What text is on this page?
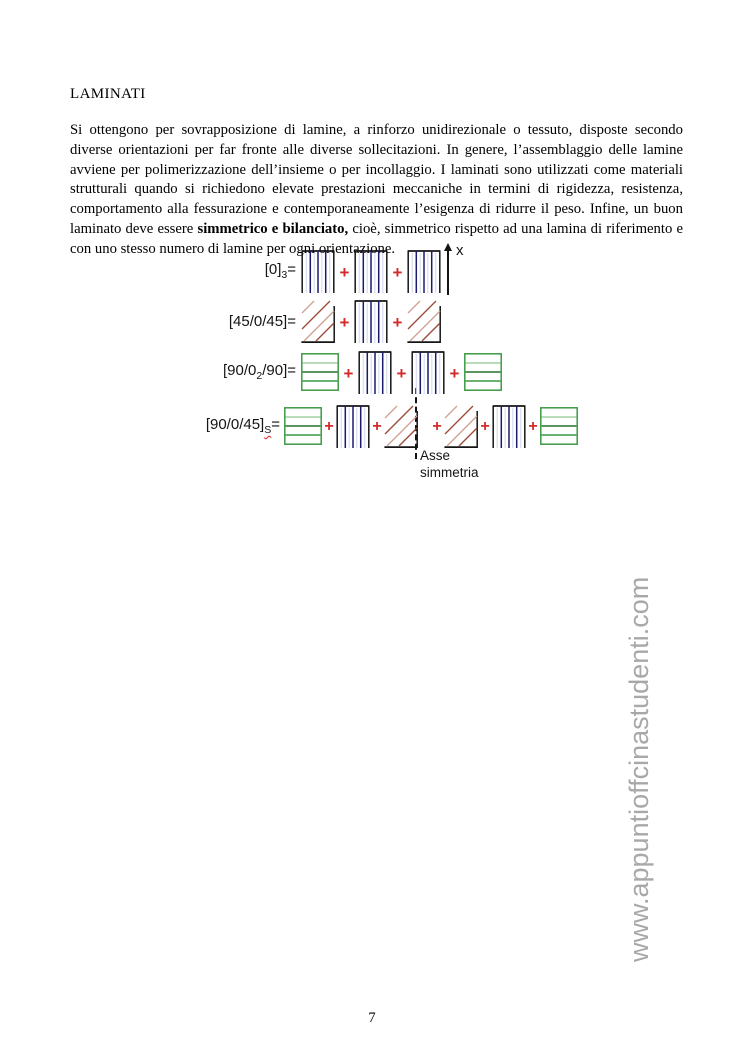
LAMINATI

Si ottengono per sovrapposizione di lamine, a rinforzo unidirezionale o tessuto, disposte secondo diverse orientazioni per far fronte alle diverse sollecitazioni. In genere, l’assemblaggio delle lamine avviene per polimerizzazione dell’insieme o per incollaggio. I laminati sono utilizzati come materiali strutturali quando si richiedono elevate prestazioni meccaniche in termini di rigidezza, resistenza, comportamento alla fessurazione e contemporaneamente l’esigenza di ridurre il peso. Infine, un buon laminato deve essere simmetrico e bilanciato, cioè, simmetrico rispetto ad una lamina di riferimento e con uno stesso numero di lamine per ogni orientazione.	x
Asse
simmetria
$[0]_3=$	+	+
[45/0/45]=	+	+
$[90/0_2/90]=$	+	+	+
$[90/0/45]_S=$	+ +	+ + +
www.appuntioffcinastudenti.com
7
